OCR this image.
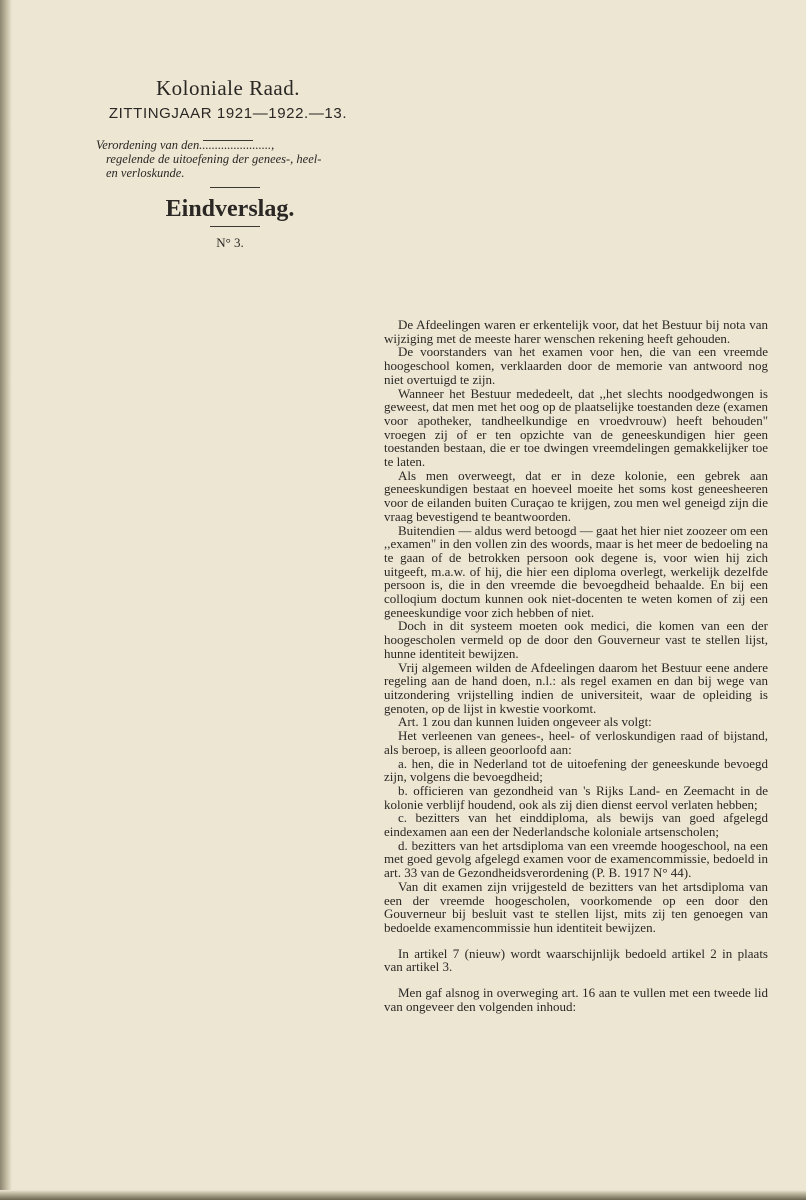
Koloniale Raad.
ZITTINGJAAR 1921—1922.—13.
Verordening van den.......................,
regelende de uitoefening der genees-, heel-
en verloskunde.
Eindverslag.
N° 3.

De Afdeelingen waren er erkentelijk voor, dat het Bestuur bij nota van wijziging met de meeste harer wenschen rekening heeft gehouden.

De voorstanders van het examen voor hen, die van een vreemde hoogeschool komen, verklaarden door de memorie van antwoord nog niet overtuigd te zijn.

Wanneer het Bestuur mededeelt, dat ,,het slechts noodgedwongen is geweest, dat men met het oog op de plaatselijke toestanden deze (examen voor apotheker, tandheelkundige en vroedvrouw) heeft behouden" vroegen zij of er ten opzichte van de geneeskundigen hier geen toestanden bestaan, die er toe dwingen vreemdelingen gemakkelijker toe te laten.

Als men overweegt, dat er in deze kolonie, een gebrek aan geneeskundigen bestaat en hoeveel moeite het soms kost geneesheeren voor de eilanden buiten Curaçao te krijgen, zou men wel geneigd zijn die vraag bevestigend te beantwoorden.

Buitendien — aldus werd betoogd — gaat het hier niet zoozeer om een ,,examen" in den vollen zin des woords, maar is het meer de bedoeling na te gaan of de betrokken persoon ook degene is, voor wien hij zich uitgeeft, m.a.w. of hij, die hier een diploma overlegt, werkelijk dezelfde persoon is, die in den vreemde die bevoegdheid behaalde. En bij een colloqium doctum kunnen ook niet-docenten te weten komen of zij een geneeskundige voor zich hebben of niet.

Doch in dit systeem moeten ook medici, die komen van een der hoogescholen vermeld op de door den Gouverneur vast te stellen lijst, hunne identiteit bewijzen.

Vrij algemeen wilden de Afdeelingen daarom het Bestuur eene andere regeling aan de hand doen, n.l.: als regel examen en dan bij wege van uitzondering vrijstelling indien de universiteit, waar de opleiding is genoten, op de lijst in kwestie voorkomt.

Art. 1 zou dan kunnen luiden ongeveer als volgt:

Het verleenen van genees-, heel- of verloskundigen raad of bijstand, als beroep, is alleen geoorloofd aan:

a. hen, die in Nederland tot de uitoefening der geneeskunde bevoegd zijn, volgens die bevoegdheid;

b. officieren van gezondheid van 's Rijks Land- en Zeemacht in de kolonie verblijf houdend, ook als zij dien dienst eervol verlaten hebben;

c. bezitters van het einddiploma, als bewijs van goed afgelegd eindexamen aan een der Nederlandsche koloniale artsenscholen;

d. bezitters van het artsdiploma van een vreemde hoogeschool, na een met goed gevolg afgelegd examen voor de examencommissie, bedoeld in art. 33 van de Gezondheidsverordening (P. B. 1917 N° 44).

Van dit examen zijn vrijgesteld de bezitters van het artsdiploma van een der vreemde hoogescholen, voorkomende op een door den Gouverneur bij besluit vast te stellen lijst, mits zij ten genoegen van bedoelde examencommissie hun identiteit bewijzen.

In artikel 7 (nieuw) wordt waarschijnlijk bedoeld artikel 2 in plaats van artikel 3.

Men gaf alsnog in overweging art. 16 aan te vullen met een tweede lid van ongeveer den volgenden inhoud:
